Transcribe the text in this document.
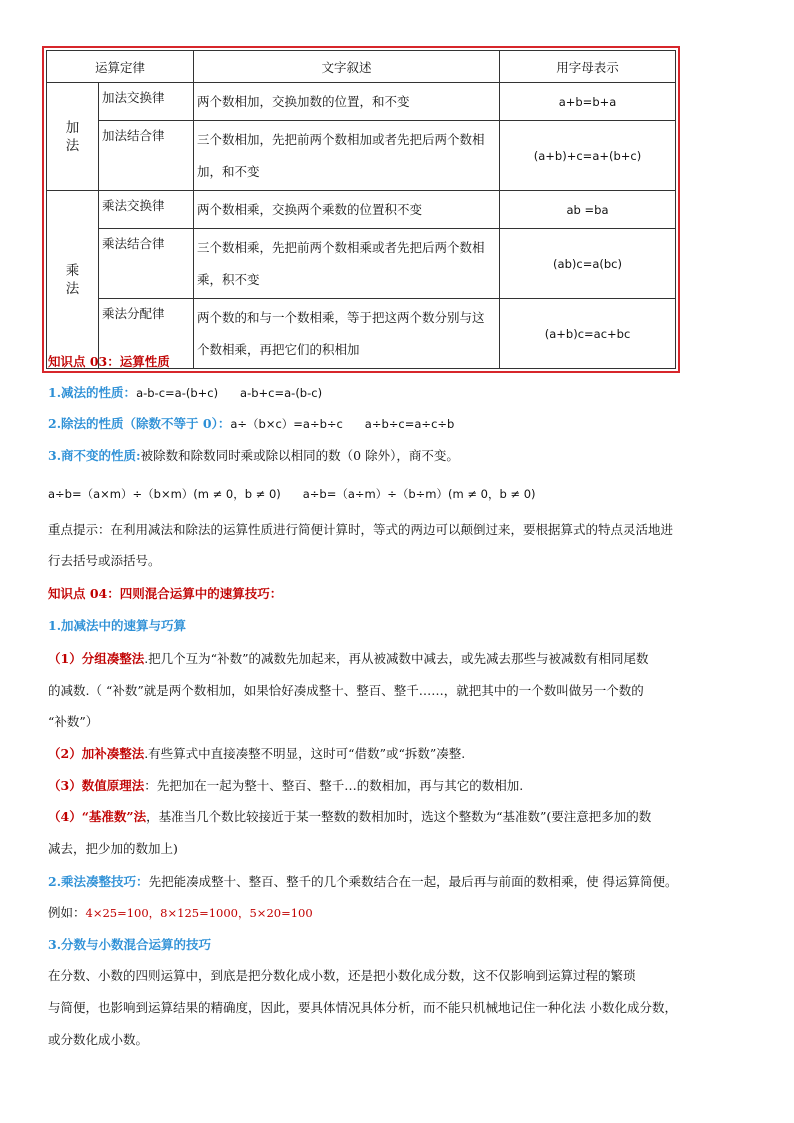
运算定律		文字叙述	用字母表示
加法	加法交换律	两个数相加，交换加数的位置，和不变	a+b=b+a
	加法结合律	三个数相加，先把前两个数相加或者先把后两个数相加，和不变	(a+b)+c=a+(b+c)
乘法	乘法交换律	两个数相乘，交换两个乘数的位置积不变	ab =ba
	乘法结合律	三个数相乘，先把前两个数相乘或者先把后两个数相乘，积不变	(ab)c=a(bc)
	乘法分配律	两个数的和与一个数相乘，等于把这两个数分别与这个数相乘，再把它们的积相加	(a+b)c=ac+bc
知识点 03：运算性质
1.减法的性质：a-b-c=a-(b+c)      a-b+c=a-(b-c)
2.除法的性质（除数不等于 0）：a÷（b×c）=a÷b÷c      a÷b÷c=a÷c÷b
3.商不变的性质:被除数和除数同时乘或除以相同的数（0 除外），商不变。
a÷b=（a×m）÷（b×m）(m ≠ 0，b ≠ 0)      a÷b=（a÷m）÷（b÷m）(m ≠ 0，b ≠ 0)
重点提示：在利用减法和除法的运算性质进行简便计算时，等式的两边可以颠倒过来，要根据算式的特点灵活地进
行去括号或添括号。
知识点 04：四则混合运算中的速算技巧：
1.加减法中的速算与巧算
（1）分组凑整法.把几个互为“补数”的减数先加起来，再从被减数中减去，或先减去那些与被减数有相同尾数
的减数.（ “补数”就是两个数相加，如果恰好凑成整十、整百、整千……，就把其中的一个数叫做另一个数的
“补数”）
（2）加补凑整法.有些算式中直接凑整不明显，这时可“借数”或“拆数”凑整.
（3）数值原理法：先把加在一起为整十、整百、整千…的数相加，再与其它的数相加.
（4）“基准数”法，基准当几个数比较接近于某一整数的数相加时，选这个整数为“基准数”(要注意把多加的数
减去，把少加的数加上)
2.乘法凑整技巧：先把能凑成整十、整百、整千的几个乘数结合在一起，最后再与前面的数相乘，使 得运算简便。
例如：4×25=100，8×125=1000，5×20=100
3.分数与小数混合运算的技巧
在分数、小数的四则运算中，到底是把分数化成小数，还是把小数化成分数，这不仅影响到运算过程的繁琐
与简便，也影响到运算结果的精确度，因此，要具体情况具体分析，而不能只机械地记住一种化法 小数化成分数，
或分数化成小数。
